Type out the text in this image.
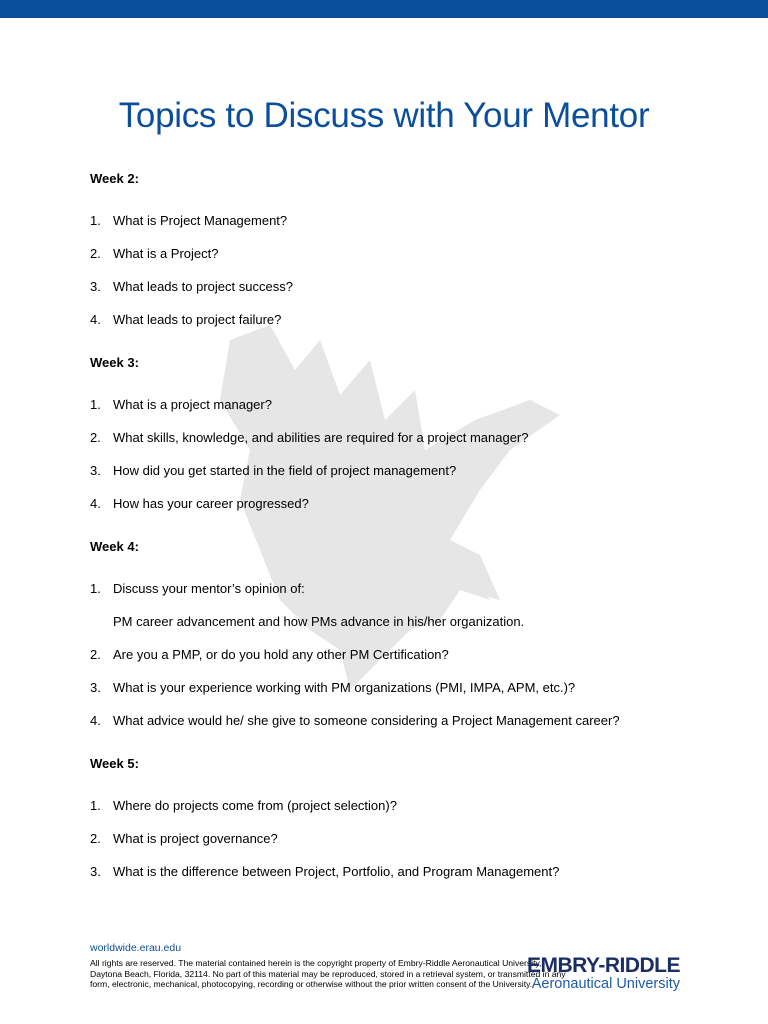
Topics to Discuss with Your Mentor
Week 2:
1. What is Project Management?
2. What is a Project?
3. What leads to project success?
4. What leads to project failure?
Week 3:
1. What is a project manager?
2. What skills, knowledge, and abilities are required for a project manager?
3. How did you get started in the field of project management?
4. How has your career progressed?
Week 4:
1. Discuss your mentor’s opinion of:
PM career advancement and how PMs advance in his/her organization.
2. Are you a PMP, or do you hold any other PM Certification?
3. What is your experience working with PM organizations (PMI, IMPA, APM, etc.)?
4. What advice would he/ she give to someone considering a Project Management career?
Week 5:
1. Where do projects come from (project selection)?
2. What is project governance?
3. What is the difference between Project, Portfolio, and Program Management?
worldwide.erau.edu
All rights are reserved. The material contained herein is the copyright property of Embry-Riddle Aeronautical University, Daytona Beach, Florida, 32114. No part of this material may be reproduced, stored in a retrieval system, or transmitted in any form, electronic, mechanical, photocopying, recording or otherwise without the prior written consent of the University.
EMBRY-RIDDLE
Aeronautical University
